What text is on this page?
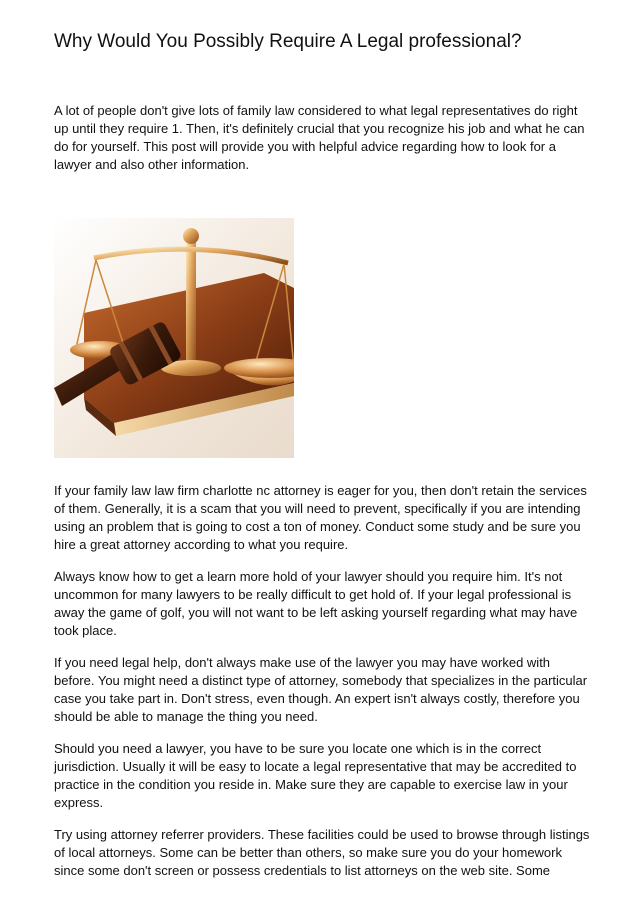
Why Would You Possibly Require A Legal professional?

A lot of people don't give lots of family law considered to what legal representatives do right up until they require 1. Then, it's definitely crucial that you recognize his job and what he can do for yourself. This post will provide you with helpful advice regarding how to look for a lawyer and also other information.

If your family law law firm charlotte nc attorney is eager for you, then don't retain the services of them. Generally, it is a scam that you will need to prevent, specifically if you are intending using an problem that is going to cost a ton of money. Conduct some study and be sure you hire a great attorney according to what you require.

Always know how to get a learn more hold of your lawyer should you require him. It's not uncommon for many lawyers to be really difficult to get hold of. If your legal professional is away the game of golf, you will not want to be left asking yourself regarding what may have took place.

If you need legal help, don't always make use of the lawyer you may have worked with before. You might need a distinct type of attorney, somebody that specializes in the particular case you take part in. Don't stress, even though. An expert isn't always costly, therefore you should be able to manage the thing you need.

Should you need a lawyer, you have to be sure you locate one which is in the correct jurisdiction. Usually it will be easy to locate a legal representative that may be accredited to practice in the condition you reside in. Make sure they are capable to exercise law in your express.

Try using attorney referrer providers. These facilities could be used to browse through listings of local attorneys. Some can be better than others, so make sure you do your homework since some don't screen or possess credentials to list attorneys on the web site. Some
